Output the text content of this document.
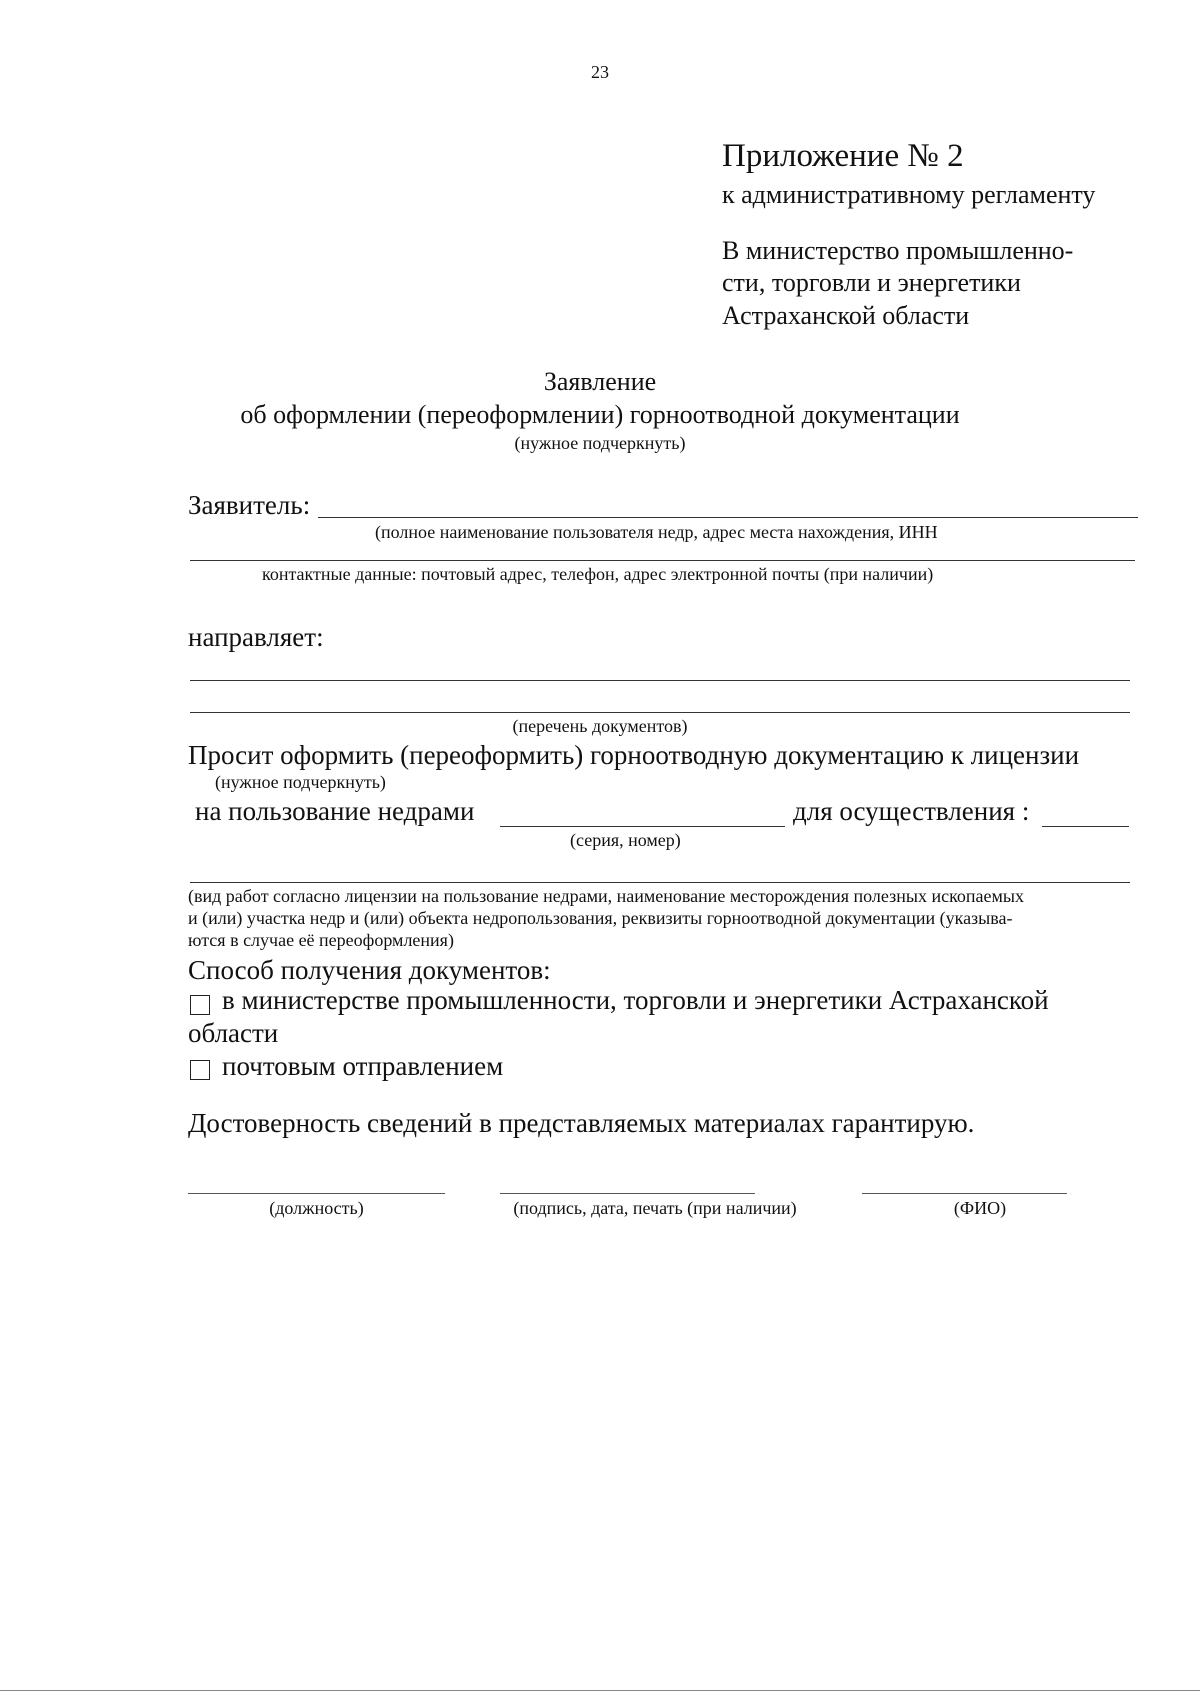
23
Приложение № 2
к административному регламенту
В министерство промышленно-
сти, торговли и энергетики
Астраханской области
Заявление
об оформлении (переоформлении) горноотводной документации
(нужное подчеркнуть)
Заявитель:
(полное наименование пользователя недр, адрес места нахождения, ИНН
контактные данные: почтовый адрес, телефон, адрес электронной почты (при наличии)
направляет:
(перечень документов)
Просит оформить (переоформить) горноотводную документацию к лицензии
(нужное подчеркнуть)
на пользование недрами	для осуществления :
(серия, номер)
(вид работ согласно лицензии на пользование недрами, наименование месторождения полезных ископаемых
и (или) участка недр и (или) объекта недропользования, реквизиты горноотводной документации (указыва-
ются в случае её переоформления)
Способ получения документов:
в министерстве промышленности, торговли и энергетики Астраханской
области
почтовым отправлением
Достоверность сведений в представляемых материалах гарантирую.
(должность)	(подпись, дата, печать (при наличии)	(ФИО)
